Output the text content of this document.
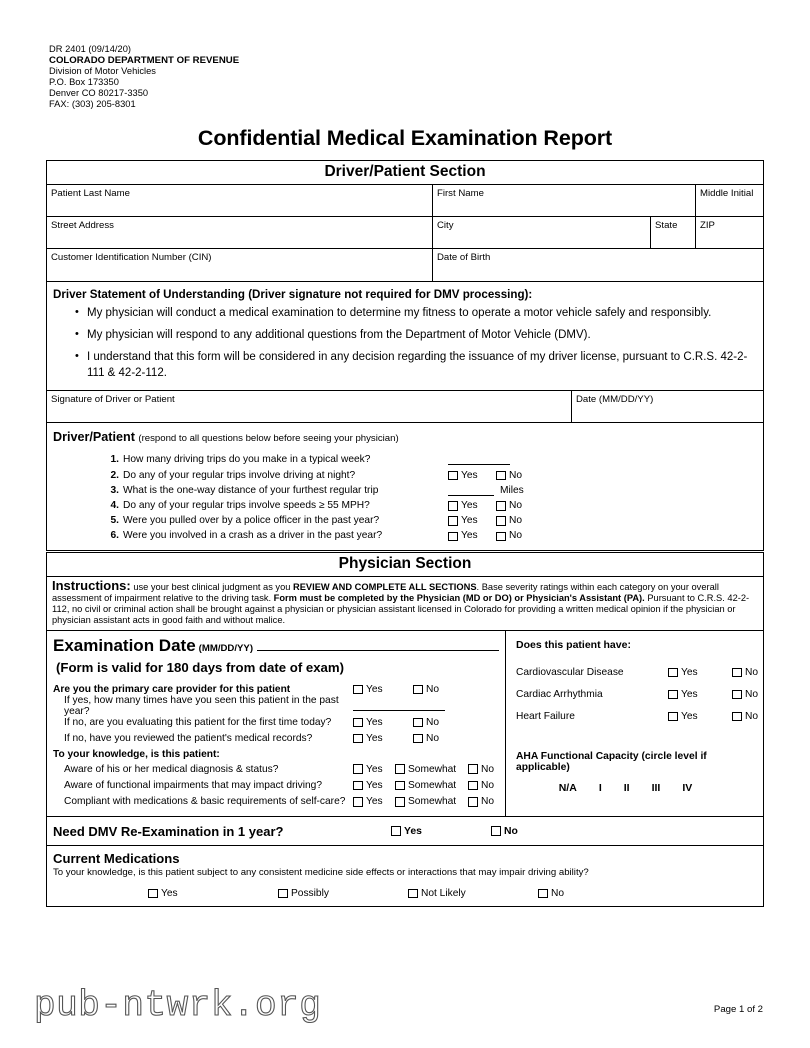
DR 2401 (09/14/20)
COLORADO DEPARTMENT OF REVENUE
Division of Motor Vehicles
P.O. Box 173350
Denver CO 80217-3350
FAX: (303) 205-8301
Confidential Medical Examination Report
Driver/Patient Section
Patient Last Name	First Name	Middle Initial
Street Address	City	State	ZIP
Customer Identification Number (CIN)	Date of Birth
Driver Statement of Understanding (Driver signature not required for DMV processing):
• My physician will conduct a medical examination to determine my fitness to operate a motor vehicle safely and responsibly.
• My physician will respond to any additional questions from the Department of Motor Vehicle (DMV).
• I understand that this form will be considered in any decision regarding the issuance of my driver license, pursuant to C.R.S. 42-2-111 & 42-2-112.
Signature of Driver or Patient	Date (MM/DD/YY)
Driver/Patient (respond to all questions below before seeing your physician)
1. How many driving trips do you make in a typical week?
2. Do any of your regular trips involve driving at night?	Yes	No
3. What is the one-way distance of your furthest regular trip	Miles
4. Do any of your regular trips involve speeds ≥ 55 MPH?	Yes	No
5. Were you pulled over by a police officer in the past year?	Yes	No
6. Were you involved in a crash as a driver in the past year?	Yes	No
Physician Section
Instructions: use your best clinical judgment as you REVIEW AND COMPLETE ALL SECTIONS. Base severity ratings within each category on your overall assessment of impairment relative to the driving task. Form must be completed by the Physician (MD or DO) or Physician's Assistant (PA). Pursuant to C.R.S. 42-2-112, no civil or criminal action shall be brought against a physician or physician assistant licensed in Colorado for providing a written medical opinion if the physician or physician assistant acts in good faith and without malice.
Examination Date (MM/DD/YY)
(Form is valid for 180 days from date of exam)
Are you the primary care provider for this patient	Yes	No
If yes, how many times have you seen this patient in the past year?
If no, are you evaluating this patient for the first time today?	Yes	No
If no, have you reviewed the patient's medical records?	Yes	No
To your knowledge, is this patient:
Aware of his or her medical diagnosis & status?	Yes Somewhat No
Aware of functional impairments that may impact driving?	Yes Somewhat No
Compliant with medications & basic requirements of self-care?	Yes Somewhat No
Does this patient have:
Cardiovascular Disease	Yes	No
Cardiac Arrhythmia	Yes	No
Heart Failure	Yes	No
AHA Functional Capacity (circle level if applicable)
N/A I II III IV
Need DMV Re-Examination in 1 year?	Yes	No
Current Medications
To your knowledge, is this patient subject to any consistent medicine side effects or interactions that may impair driving ability?
Yes	Possibly	Not Likely	No
pub-ntwrk.org	Page 1 of 2
